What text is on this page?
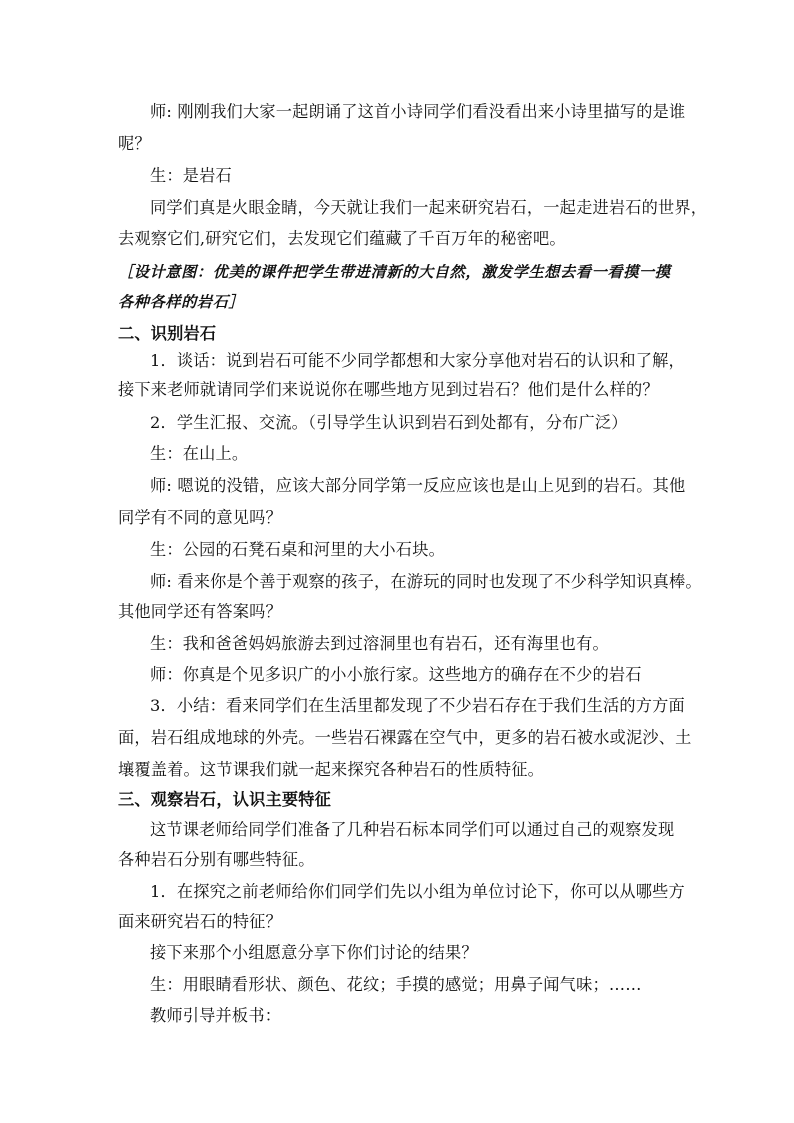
师: 刚刚我们大家一起朗诵了这首小诗同学们看没看出来小诗里描写的是谁
呢？
生：是岩石
同学们真是火眼金睛，今天就让我们一起来研究岩石，一起走进岩石的世界，
去观察它们,研究它们，去发现它们蕴藏了千百万年的秘密吧。
［设计意图：优美的课件把学生带进清新的大自然，激发学生想去看一看摸一摸
各种各样的岩石］
二、识别岩石
1．谈话：说到岩石可能不少同学都想和大家分享他对岩石的认识和了解，
接下来老师就请同学们来说说你在哪些地方见到过岩石？他们是什么样的？
2．学生汇报、交流。（引导学生认识到岩石到处都有，分布广泛）
生：在山上。
师: 嗯说的没错，应该大部分同学第一反应应该也是山上见到的岩石。其他
同学有不同的意见吗？
生：公园的石凳石桌和河里的大小石块。
师: 看来你是个善于观察的孩子，在游玩的同时也发现了不少科学知识真棒。
其他同学还有答案吗？
生：我和爸爸妈妈旅游去到过溶洞里也有岩石，还有海里也有。
师：你真是个见多识广的小小旅行家。这些地方的确存在不少的岩石
3．小结：看来同学们在生活里都发现了不少岩石存在于我们生活的方方面
面，岩石组成地球的外壳。一些岩石裸露在空气中，更多的岩石被水或泥沙、土
壤覆盖着。这节课我们就一起来探究各种岩石的性质特征。
三、观察岩石，认识主要特征
这节课老师给同学们准备了几种岩石标本同学们可以通过自己的观察发现
各种岩石分别有哪些特征。
1．在探究之前老师给你们同学们先以小组为单位讨论下，你可以从哪些方
面来研究岩石的特征？
接下来那个小组愿意分享下你们讨论的结果？
生：用眼睛看形状、颜色、花纹；手摸的感觉；用鼻子闻气味；……
教师引导并板书：
